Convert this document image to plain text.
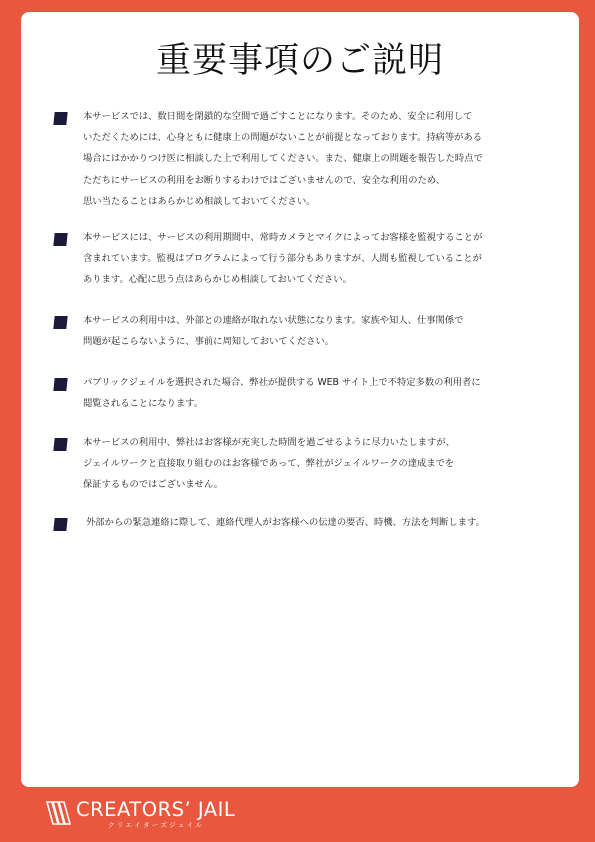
重要事項のご説明
本サービスでは、数日間を閉鎖的な空間で過ごすことになります。そのため、安全に利用して
いただくためには、心身ともに健康上の問題がないことが前提となっております。持病等がある
場合にはかかりつけ医に相談した上で利用してください。また、健康上の問題を報告した時点で
ただちにサービスの利用をお断りするわけではございませんので、安全な利用のため、
思い当たることはあらかじめ相談しておいてください。
本サービスには、サービスの利用期間中、常時カメラとマイクによってお客様を監視することが
含まれています。監視はプログラムによって行う部分もありますが、人間も監視していることが
あります。心配に思う点はあらかじめ相談しておいてください。
本サービスの利用中は、外部との連絡が取れない状態になります。家族や知人、仕事関係で
問題が起こらないように、事前に周知しておいてください。
パブリックジェイルを選択された場合、弊社が提供する WEB サイト上で不特定多数の利用者に
閲覧されることになります。
本サービスの利用中、弊社はお客様が充実した時間を過ごせるように尽力いたしますが、
ジェイルワークと直接取り組むのはお客様であって、弊社がジェイルワークの達成までを
保証するものではございません。
外部からの緊急連絡に際して、連絡代理人がお客様への伝達の要否、時機、方法を判断します。
CREATORS’ JAIL
クリエイターズジェイル
